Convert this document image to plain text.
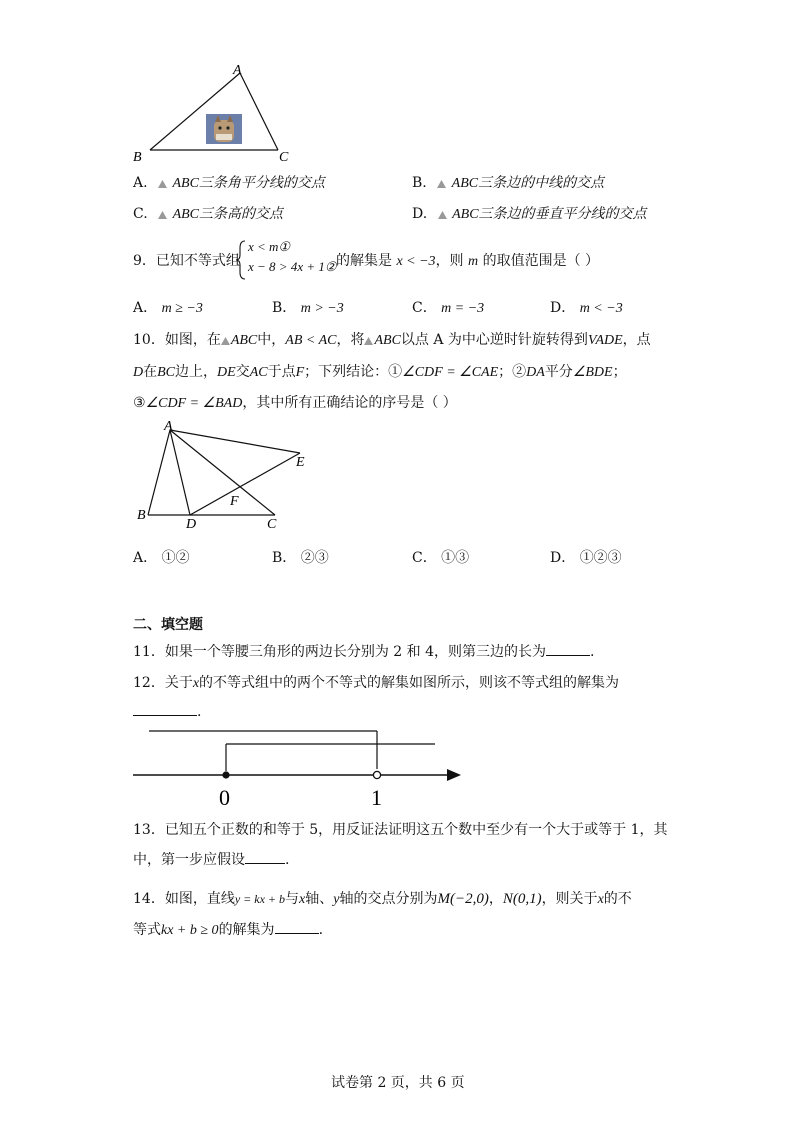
A
B	C
A. ABC三条角平分线的交点	B. ABC三条边的中线的交点
C. ABC三条高的交点	D. ABC三条边的垂直平分线的交点
9．已知不等式组
x < m①
x − 8 > 4x + 1② 的解集是 x < −3，则 m 的取值范围是（ ）
A． m ≥ −3	B． m > −3	C． m = −3	D． m < −3
10．如图，在 ABC中，AB < AC，将 ABC以点 A 为中心逆时针旋转得到VADE，点
D在BC边上，DE交AC于点F；下列结论：①∠CDF = ∠CAE；②DA平分∠BDE；
③∠CDF = ∠BAD，其中所有正确结论的序号是（ ）
A
B
D	C
E
F
A． ①②	B． ②③	C． ①③	D． ①②③
二、填空题
11．如果一个等腰三角形的两边长分别为 2 和 4，则第三边的长为	.
12．关于x的不等式组中的两个不等式的解集如图所示，则该不等式组的解集为
.
0	1
13．已知五个正数的和等于 5，用反证法证明这五个数中至少有一个大于或等于 1，其
中，第一步应假设	.
14．如图，直线y = kx + b与x轴、y轴的交点分别为M(−2,0)，N(0,1)，则关于x的不
等式kx + b ≥ 0的解集为	.
试卷第 2 页，共 6 页
